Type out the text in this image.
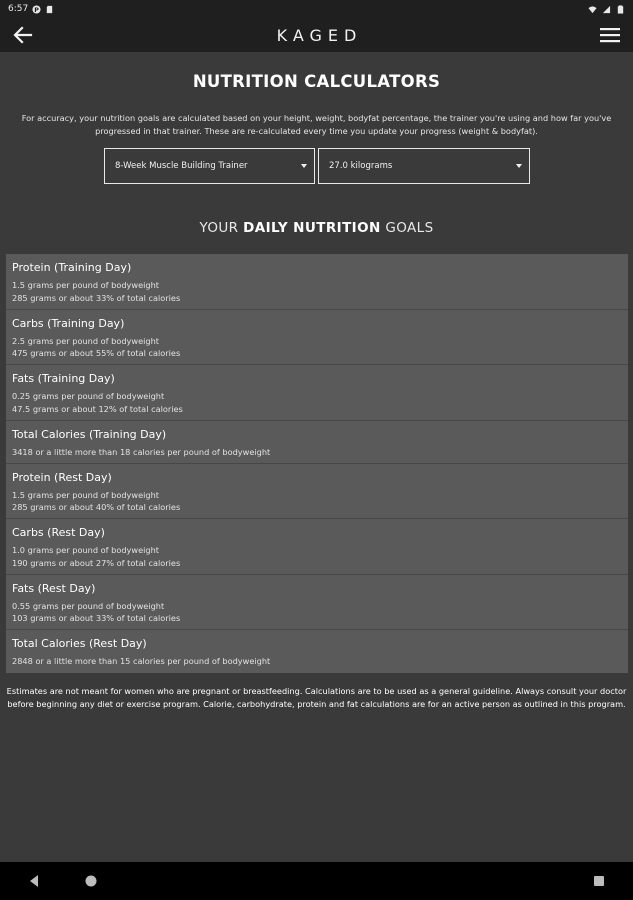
6:57 P
KAGED
NUTRITION CALCULATORS
For accuracy, your nutrition goals are calculated based on your height, weight, bodyfat percentage, the trainer you're using and how far you've progressed in that trainer. These are re-calculated every time you update your progress (weight & bodyfat).
8-Week Muscle Building Trainer	27.0 kilograms
YOUR DAILY NUTRITION GOALS
Protein (Training Day)
1.5 grams per pound of bodyweight
285 grams or about 33% of total calories
Carbs (Training Day)
2.5 grams per pound of bodyweight
475 grams or about 55% of total calories
Fats (Training Day)
0.25 grams per pound of bodyweight
47.5 grams or about 12% of total calories
Total Calories (Training Day)
3418 or a little more than 18 calories per pound of bodyweight
Protein (Rest Day)
1.5 grams per pound of bodyweight
285 grams or about 40% of total calories
Carbs (Rest Day)
1.0 grams per pound of bodyweight
190 grams or about 27% of total calories
Fats (Rest Day)
0.55 grams per pound of bodyweight
103 grams or about 33% of total calories
Total Calories (Rest Day)
2848 or a little more than 15 calories per pound of bodyweight
Estimates are not meant for women who are pregnant or breastfeeding. Calculations are to be used as a general guideline. Always consult your doctor before beginning any diet or exercise program. Calorie, carbohydrate, protein and fat calculations are for an active person as outlined in this program.
